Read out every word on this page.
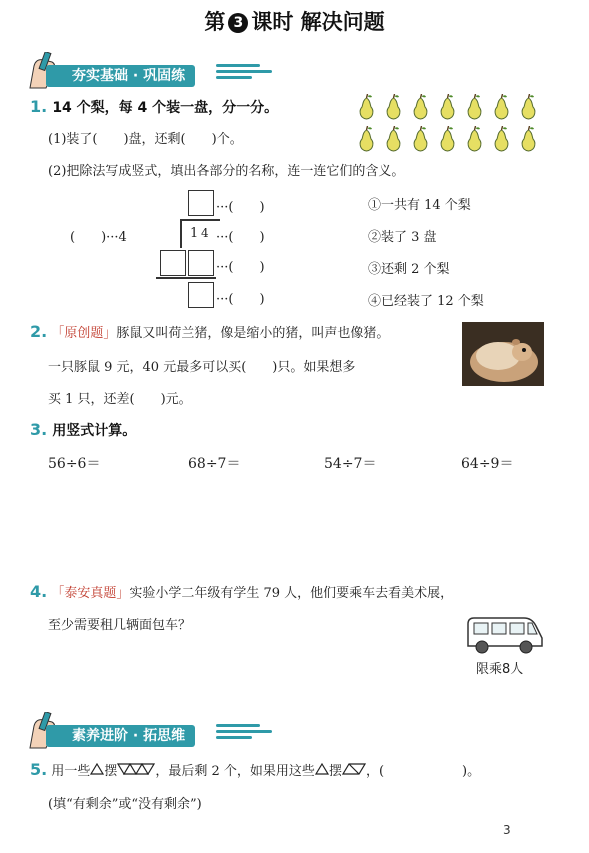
第 3 课时 解决问题
夯实基础 · 巩固练
1. 14 个梨，每 4 个装一盘，分一分。
(1)装了(　　)盘，还剩(　　)个。
(2)把除法写成竖式，填出各部分的名称，连一连它们的含义。
···(　　)
(　　)···4	1 4 ···(　　)
···(　　)
···(　　)
①一共有 14 个梨
②装了 3 盘
③还剩 2 个梨
④已经装了 12 个梨
2. 「原创题」豚鼠又叫荷兰猪，像是缩小的猪，叫声也像猪。
一只豚鼠 9 元，40 元最多可以买(　　)只。如果想多
买 1 只，还差(　　)元。
3. 用竖式计算。
56÷6＝	68÷7＝	54÷7＝	64÷9＝
4. 「泰安真题」实验小学二年级有学生 79 人，他们要乘车去看美术展，
至少需要租几辆面包车？
限乘8人
素养进阶 · 拓思维
5. 用一些 摆	，最后剩 2 个，如果用这些 摆 ，(　　　　　　)。
(填“有剩余”或“没有剩余”)
3
